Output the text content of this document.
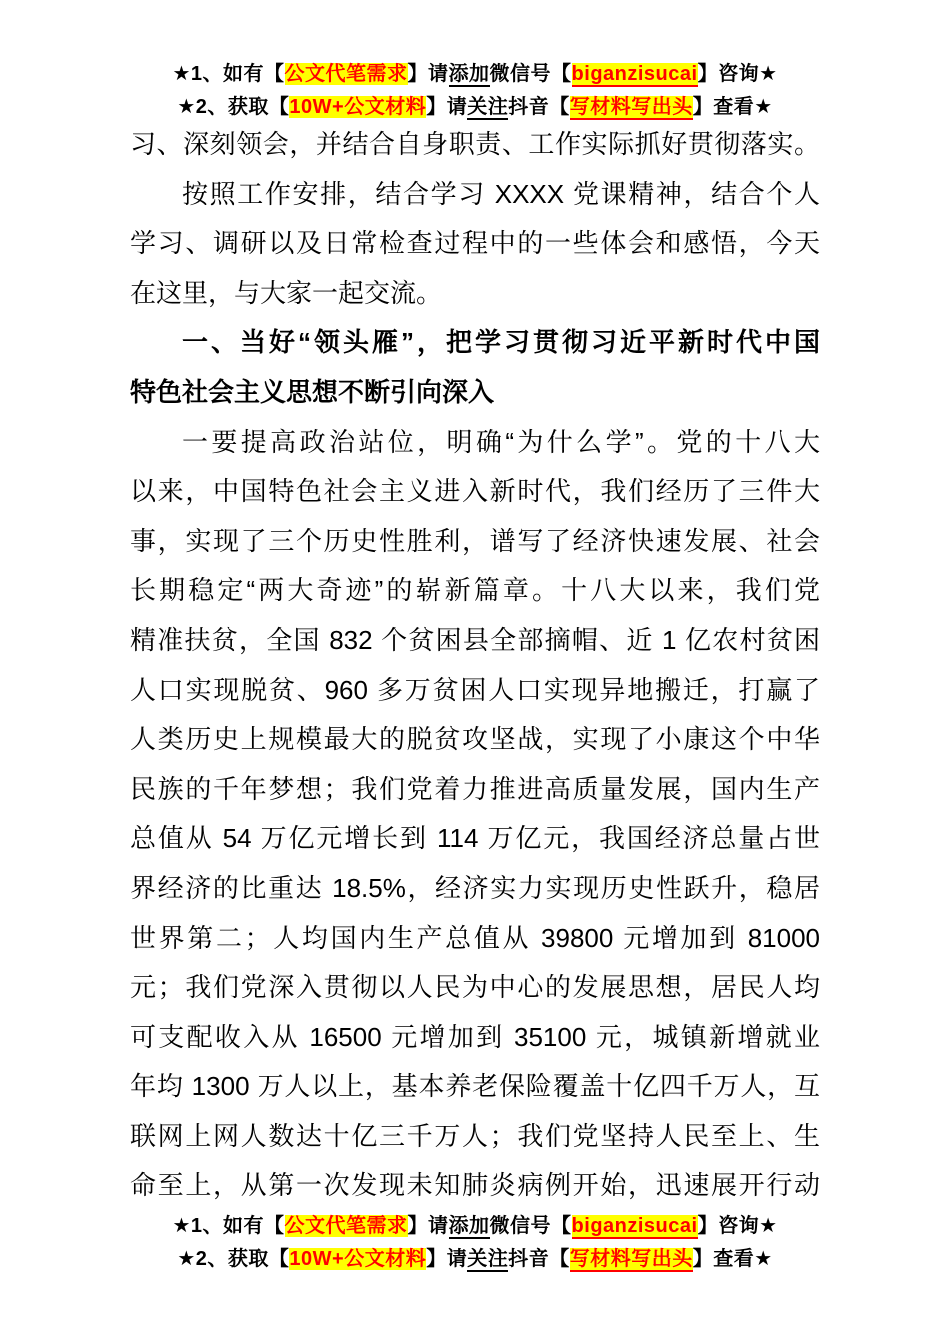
★1、如有【公文代笔需求】请添加微信号【biganzisucai】咨询★
★2、获取【10W+公文材料】请关注抖音【写材料写出头】查看★
习、深刻领会，并结合自身职责、工作实际抓好贯彻落实。
按照工作安排，结合学习 XXXX 党课精神，结合个人
学习、调研以及日常检查过程中的一些体会和感悟，今天
在这里，与大家一起交流。
一、当好“领头雁”，把学习贯彻习近平新时代中国
特色社会主义思想不断引向深入
一要提高政治站位，明确“为什么学”。党的十八大
以来，中国特色社会主义进入新时代，我们经历了三件大
事，实现了三个历史性胜利，谱写了经济快速发展、社会
长期稳定“两大奇迹”的崭新篇章。十八大以来，我们党
精准扶贫，全国 832 个贫困县全部摘帽、近 1 亿农村贫困
人口实现脱贫、960 多万贫困人口实现异地搬迁，打赢了
人类历史上规模最大的脱贫攻坚战，实现了小康这个中华
民族的千年梦想；我们党着力推进高质量发展，国内生产
总值从 54 万亿元增长到 114 万亿元，我国经济总量占世
界经济的比重达 18.5%，经济实力实现历史性跃升，稳居
世界第二；人均国内生产总值从 39800 元增加到 81000
元；我们党深入贯彻以人民为中心的发展思想，居民人均
可支配收入从 16500 元增加到 35100 元，城镇新增就业
年均 1300 万人以上，基本养老保险覆盖十亿四千万人，互
联网上网人数达十亿三千万人；我们党坚持人民至上、生
命至上，从第一次发现未知肺炎病例开始，迅速展开行动
★1、如有【公文代笔需求】请添加微信号【biganzisucai】咨询★
★2、获取【10W+公文材料】请关注抖音【写材料写出头】查看★
